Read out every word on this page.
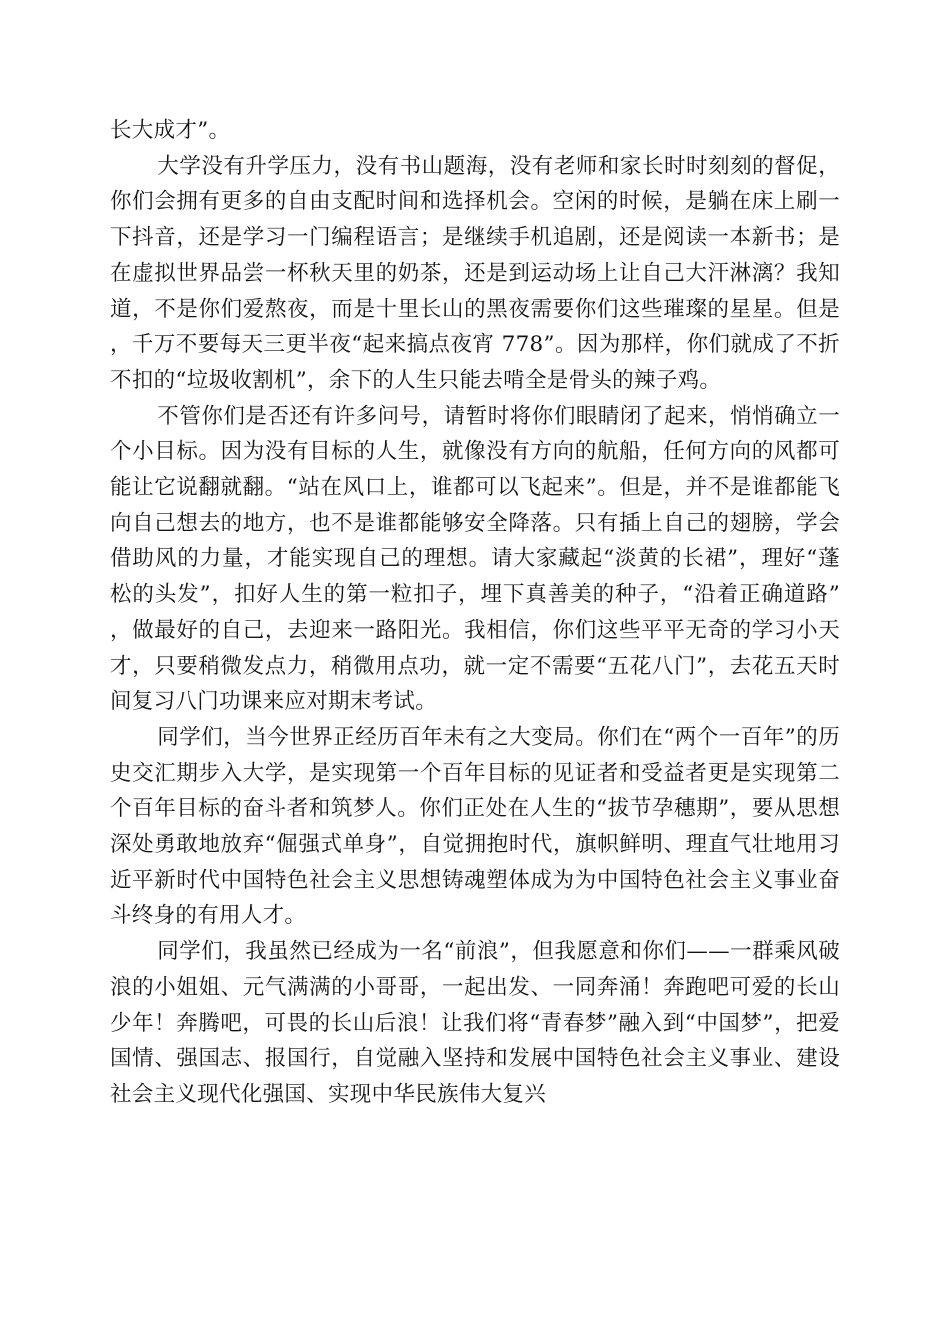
长大成才”。

大学没有升学压力，没有书山题海，没有老师和家长时时刻刻的督促，你们会拥有更多的自由支配时间和选择机会。空闲的时候，是躺在床上刷一下抖音，还是学习一门编程语言；是继续手机追剧，还是阅读一本新书；是在虚拟世界品尝一杯秋天里的奶茶，还是到运动场上让自己大汗淋漓？我知道，不是你们爱熬夜，而是十里长山的黑夜需要你们这些璀璨的星星。但是，千万不要每天三更半夜“起来搞点夜宵 778”。因为那样，你们就成了不折不扣的“垃圾收割机”，余下的人生只能去啃全是骨头的辣子鸡。

不管你们是否还有许多问号，请暂时将你们眼睛闭了起来，悄悄确立一个小目标。因为没有目标的人生，就像没有方向的航船，任何方向的风都可能让它说翻就翻。“站在风口上，谁都可以飞起来”。但是，并不是谁都能飞向自己想去的地方，也不是谁都能够安全降落。只有插上自己的翅膀，学会借助风的力量，才能实现自己的理想。请大家藏起“淡黄的长裙”，理好“蓬松的头发”，扣好人生的第一粒扣子，埋下真善美的种子，“沿着正确道路”，做最好的自己，去迎来一路阳光。我相信，你们这些平平无奇的学习小天才，只要稍微发点力，稍微用点功，就一定不需要“五花八门”，去花五天时间复习八门功课来应对期末考试。

同学们，当今世界正经历百年未有之大变局。你们在“两个一百年”的历史交汇期步入大学，是实现第一个百年目标的见证者和受益者更是实现第二个百年目标的奋斗者和筑梦人。你们正处在人生的“拔节孕穗期”，要从思想深处勇敢地放弃“倔强式单身”，自觉拥抱时代，旗帜鲜明、理直气壮地用习近平新时代中国特色社会主义思想铸魂塑体成为为中国特色社会主义事业奋斗终身的有用人才。

同学们，我虽然已经成为一名“前浪”，但我愿意和你们——一群乘风破浪的小姐姐、元气满满的小哥哥，一起出发、一同奔涌！奔跑吧可爱的长山少年！奔腾吧，可畏的长山后浪！让我们将“青春梦”融入到“中国梦”，把爱国情、强国志、报国行，自觉融入坚持和发展中国特色社会主义事业、建设社会主义现代化强国、实现中华民族伟大复兴
